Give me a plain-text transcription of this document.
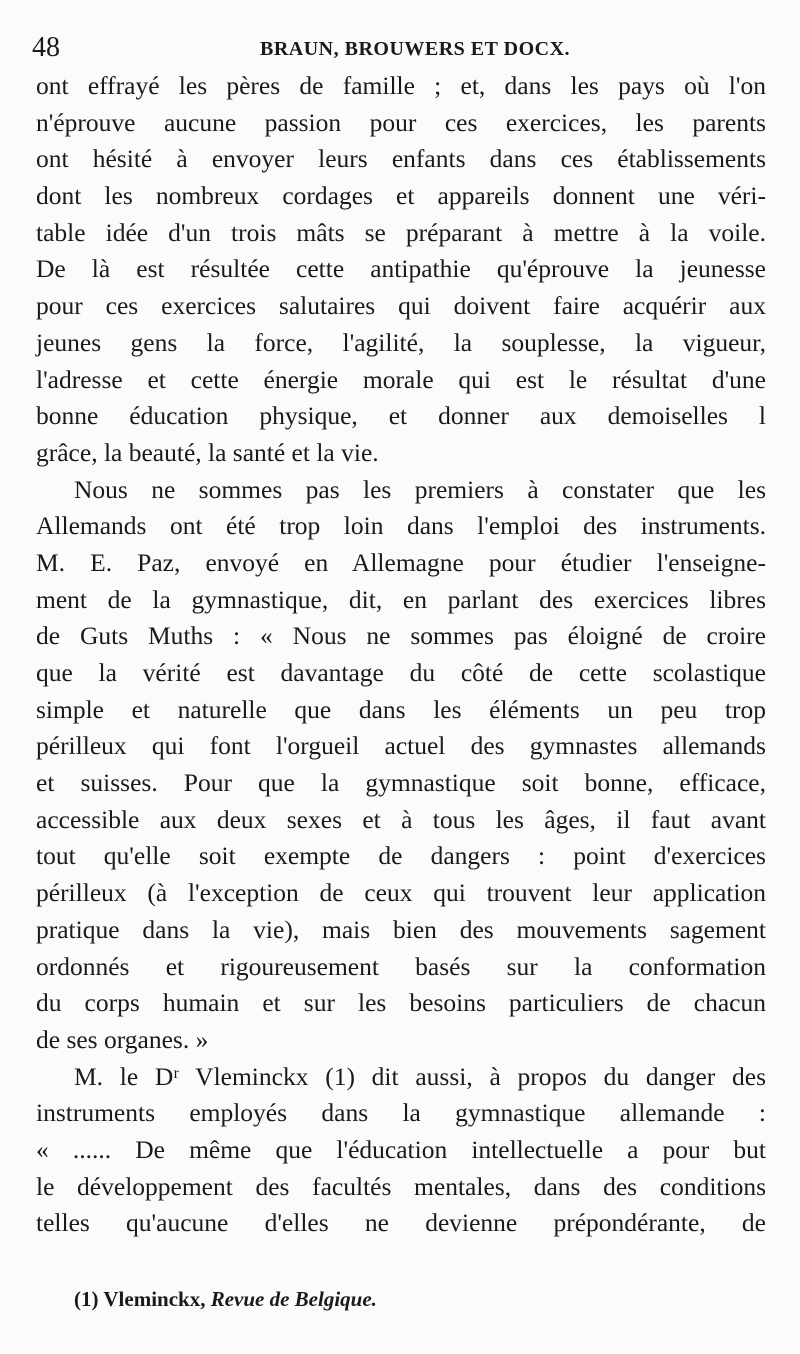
48	BRAUN, BROUWERS ET DOCX.
ont effrayé les pères de famille ; et, dans les pays où l'on
n'éprouve aucune passion pour ces exercices, les parents
ont hésité à envoyer leurs enfants dans ces établissements
dont les nombreux cordages et appareils donnent une véri-
table idée d'un trois mâts se préparant à mettre à la voile.
De là est résultée cette antipathie qu'éprouve la jeunesse
pour ces exercices salutaires qui doivent faire acquérir aux
jeunes gens la force, l'agilité, la souplesse, la vigueur,
l'adresse et cette énergie morale qui est le résultat d'une
bonne éducation physique, et donner aux demoiselles l
grâce, la beauté, la santé et la vie.
Nous ne sommes pas les premiers à constater que les
Allemands ont été trop loin dans l'emploi des instruments.
M. E. Paz, envoyé en Allemagne pour étudier l'enseigne-
ment de la gymnastique, dit, en parlant des exercices libres
de Guts Muths : « Nous ne sommes pas éloigné de croire
que la vérité est davantage du côté de cette scolastique
simple et naturelle que dans les éléments un peu trop
périlleux qui font l'orgueil actuel des gymnastes allemands
et suisses. Pour que la gymnastique soit bonne, efficace,
accessible aux deux sexes et à tous les âges, il faut avant
tout qu'elle soit exempte de dangers : point d'exercices
périlleux (à l'exception de ceux qui trouvent leur application
pratique dans la vie), mais bien des mouvements sagement
ordonnés et rigoureusement basés sur la conformation
du corps humain et sur les besoins particuliers de chacun
de ses organes. »
M. le Dʳ Vleminckx (1) dit aussi, à propos du danger des
instruments employés dans la gymnastique allemande :
« ...... De même que l'éducation intellectuelle a pour but
le développement des facultés mentales, dans des conditions
telles qu'aucune d'elles ne devienne prépondérante, de
(1) Vleminckx, Revue de Belgique.
